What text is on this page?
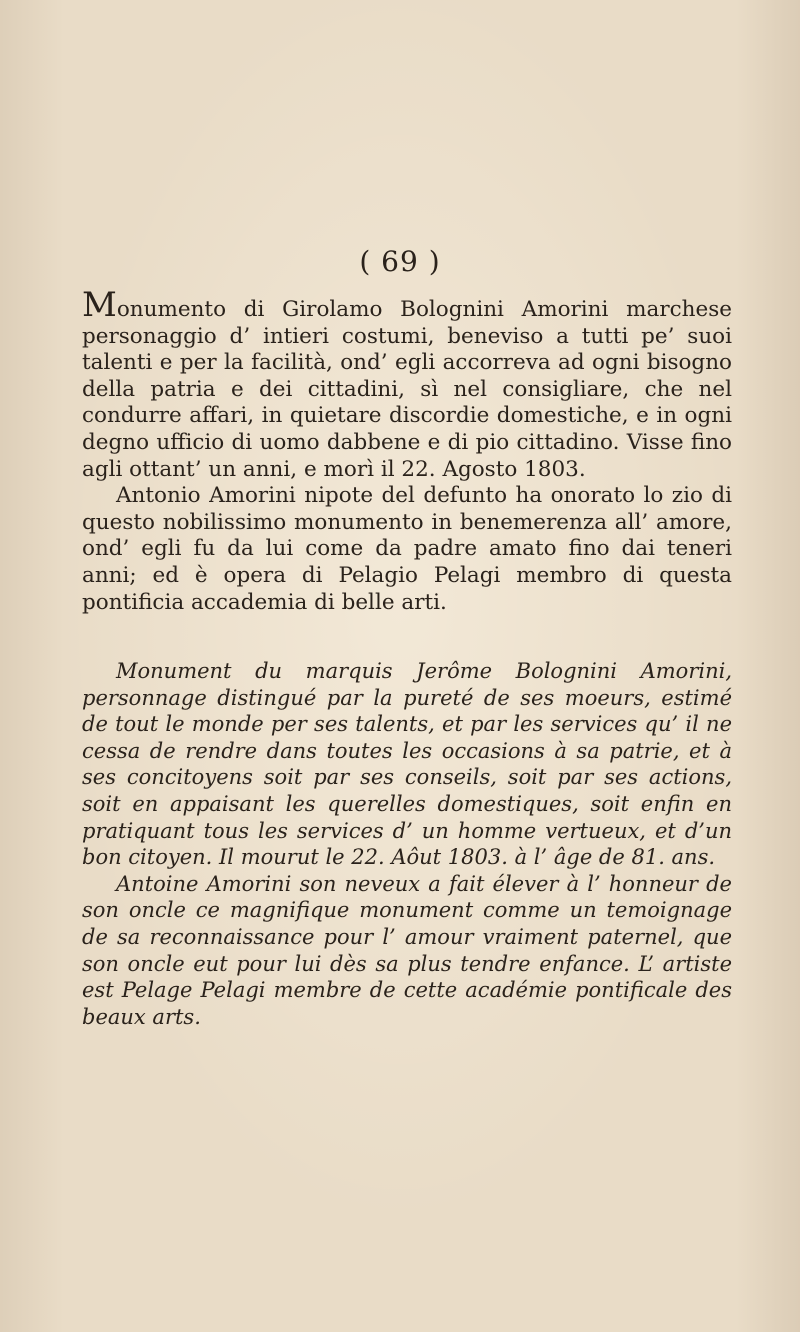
( 69 )

Monumento di Girolamo Bolognini Amorini marchese personaggio d’ intieri costumi, beneviso a tutti pe’ suoi talenti e per la facilità, ond’ egli accorreva ad ogni bisogno della patria e dei cittadini, sì nel consigliare, che nel condurre affari, in quietare discordie domestiche, e in ogni degno ufficio di uomo dabbene e di pio cittadino. Visse fino agli ottant’ un anni, e morì il 22. Agosto 1803.

Antonio Amorini nipote del defunto ha onorato lo zio di questo nobilissimo monumento in benemerenza all’ amore, ond’ egli fu da lui come da padre amato fino dai teneri anni; ed è opera di Pelagio Pelagi membro di questa pontificia accademia di belle arti.

Monument du marquis Jerôme Bolognini Amorini, personnage distingué par la pureté de ses moeurs, estimé de tout le monde per ses talents, et par les services qu’ il ne cessa de rendre dans toutes les occasions à sa patrie, et à ses concitoyens soit par ses conseils, soit par ses actions, soit en appaisant les querelles domestiques, soit enfin en pratiquant tous les services d’ un homme vertueux, et d’un bon citoyen. Il mourut le 22. Aôut 1803. à l’ âge de 81. ans.

Antoine Amorini son neveux a fait élever à l’ honneur de son oncle ce magnifique monument comme un temoignage de sa reconnaissance pour l’ amour vraiment paternel, que son oncle eut pour lui dès sa plus tendre enfance. L’ artiste est Pelage Pelagi membre de cette académie pontificale des beaux arts.
